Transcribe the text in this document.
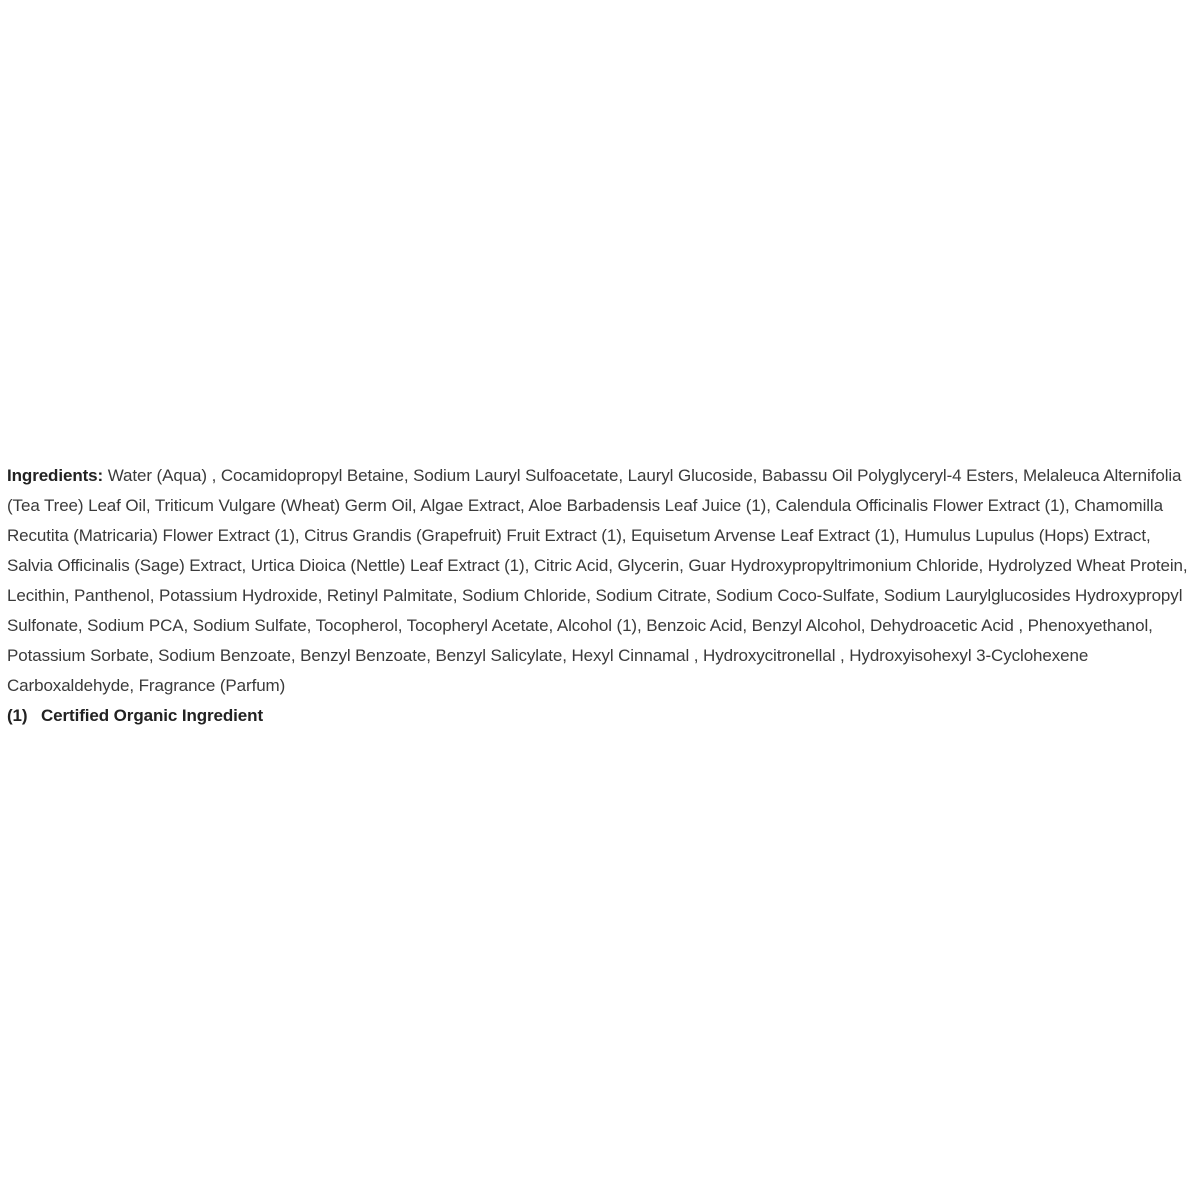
Ingredients: Water (Aqua) , Cocamidopropyl Betaine, Sodium Lauryl Sulfoacetate, Lauryl Glucoside, Babassu Oil Polyglyceryl-4 Esters, Melaleuca Alternifolia (Tea Tree) Leaf Oil, Triticum Vulgare (Wheat) Germ Oil, Algae Extract, Aloe Barbadensis Leaf Juice (1), Calendula Officinalis Flower Extract (1), Chamomilla Recutita (Matricaria) Flower Extract (1), Citrus Grandis (Grapefruit) Fruit Extract (1), Equisetum Arvense Leaf Extract (1), Humulus Lupulus (Hops) Extract, Salvia Officinalis (Sage) Extract, Urtica Dioica (Nettle) Leaf Extract (1), Citric Acid, Glycerin, Guar Hydroxypropyltrimonium Chloride, Hydrolyzed Wheat Protein, Lecithin, Panthenol, Potassium Hydroxide, Retinyl Palmitate, Sodium Chloride, Sodium Citrate, Sodium Coco-Sulfate, Sodium Laurylglucosides Hydroxypropyl Sulfonate, Sodium PCA, Sodium Sulfate, Tocopherol, Tocopheryl Acetate, Alcohol (1), Benzoic Acid, Benzyl Alcohol, Dehydroacetic Acid , Phenoxyethanol, Potassium Sorbate, Sodium Benzoate, Benzyl Benzoate, Benzyl Salicylate, Hexyl Cinnamal , Hydroxycitronellal , Hydroxyisohexyl 3-Cyclohexene Carboxaldehyde, Fragrance (Parfum)

(1) Certified Organic Ingredient
